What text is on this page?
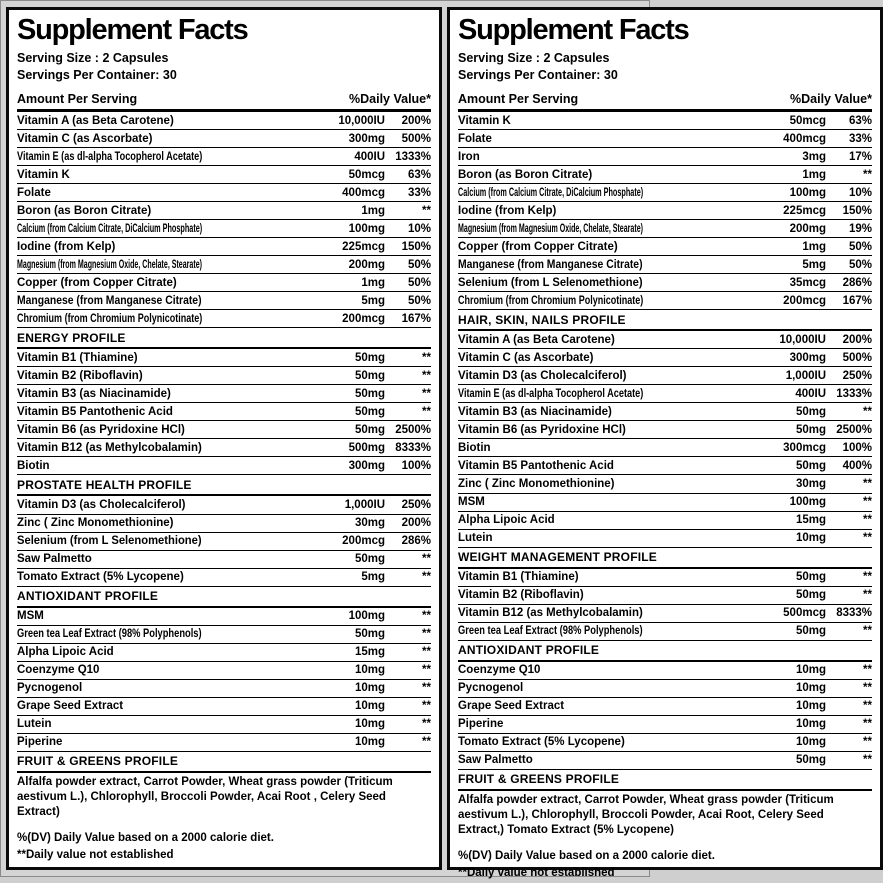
Supplement Facts
Serving Size : 2 Capsules
Servings Per Container: 30
Amount Per Serving	%Daily Value*
Vitamin A (as Beta Carotene)	10,000IU	200%
Vitamin C (as Ascorbate)	300mg	500%
Vitamin E (as dl-alpha Tocopherol Acetate)	400IU 1333%
Vitamin K	50mcg	63%
Folate	400mcg	33%
Boron (as Boron Citrate)	1mg	**
Calcium (from Calcium Citrate, DiCalcium Phosphate)	100mg	10%
Iodine (from Kelp)	225mcg	150%
Magnesium (from Magnesium Oxide, Chelate, Stearate)	200mg	50%
Copper (from Copper Citrate)	1mg	50%
Manganese (from Manganese Citrate)	5mg	50%
Chromium (from Chromium Polynicotinate)	200mcg	167%
ENERGY PROFILE
Vitamin B1 (Thiamine)	50mg	**
Vitamin B2 (Riboflavin)	50mg	**
Vitamin B3 (as Niacinamide)	50mg	**
Vitamin B5 Pantothenic Acid	50mg	**
Vitamin B6 (as Pyridoxine HCl)	50mg 2500%
Vitamin B12 (as Methylcobalamin)	500mg 8333%
Biotin	300mg	100%
PROSTATE HEALTH PROFILE
Vitamin D3 (as Cholecalciferol)	1,000IU	250%
Zinc ( Zinc Monomethionine)	30mg	200%
Selenium (from L Selenomethione)	200mcg	286%
Saw Palmetto	50mg	**
Tomato Extract (5% Lycopene)	5mg	**
ANTIOXIDANT PROFILE
MSM	100mg	**
Green tea Leaf Extract (98% Polyphenols)	50mg	**
Alpha Lipoic Acid	15mg	**
Coenzyme Q10	10mg	**
Pycnogenol	10mg	**
Grape Seed Extract	10mg	**
Lutein	10mg	**
Piperine	10mg	**
FRUIT & GREENS PROFILE
Alfalfa powder extract, Carrot Powder, Wheat grass powder (Triticum aestivum L.), Chlorophyll, Broccoli Powder, Acai Root , Celery Seed Extract)
%(DV) Daily Value based on a 2000 calorie diet.
**Daily value not established
Supplement Facts
Serving Size : 2 Capsules
Servings Per Container: 30
Amount Per Serving	%Daily Value*
Vitamin K	50mcg	63%
Folate	400mcg	33%
Iron	3mg	17%
Boron (as Boron Citrate)	1mg	**
Calcium (from Calcium Citrate, DiCalcium Phosphate)	100mg	10%
Iodine (from Kelp)	225mcg	150%
Magnesium (from Magnesium Oxide, Chelate, Stearate)	200mg	19%
Copper (from Copper Citrate)	1mg	50%
Manganese (from Manganese Citrate)	5mg	50%
Selenium (from L Selenomethione)	35mcg	286%
Chromium (from Chromium Polynicotinate)	200mcg	167%
HAIR, SKIN, NAILS PROFILE
Vitamin A (as Beta Carotene)	10,000IU	200%
Vitamin C (as Ascorbate)	300mg	500%
Vitamin D3 (as Cholecalciferol)	1,000IU	250%
Vitamin E (as dl-alpha Tocopherol Acetate)	400IU 1333%
Vitamin B3 (as Niacinamide)	50mg	**
Vitamin B6 (as Pyridoxine HCl)	50mg 2500%
Biotin	300mcg	100%
Vitamin B5 Pantothenic Acid	50mg	400%
Zinc ( Zinc Monomethionine)	30mg	**
MSM	100mg	**
Alpha Lipoic Acid	15mg	**
Lutein	10mg	**
WEIGHT MANAGEMENT PROFILE
Vitamin B1 (Thiamine)	50mg	**
Vitamin B2 (Riboflavin)	50mg	**
Vitamin B12 (as Methylcobalamin)	500mcg 8333%
Green tea Leaf Extract (98% Polyphenols)	50mg	**
ANTIOXIDANT PROFILE
Coenzyme Q10	10mg	**
Pycnogenol	10mg	**
Grape Seed Extract	10mg	**
Piperine	10mg	**
Tomato Extract (5% Lycopene)	10mg	**
Saw Palmetto	50mg	**
FRUIT & GREENS PROFILE
Alfalfa powder extract, Carrot Powder, Wheat grass powder (Triticum aestivum L.), Chlorophyll, Broccoli Powder, Acai Root, Celery Seed Extract,) Tomato Extract (5% Lycopene)
%(DV) Daily Value based on a 2000 calorie diet.
**Daily value not established
